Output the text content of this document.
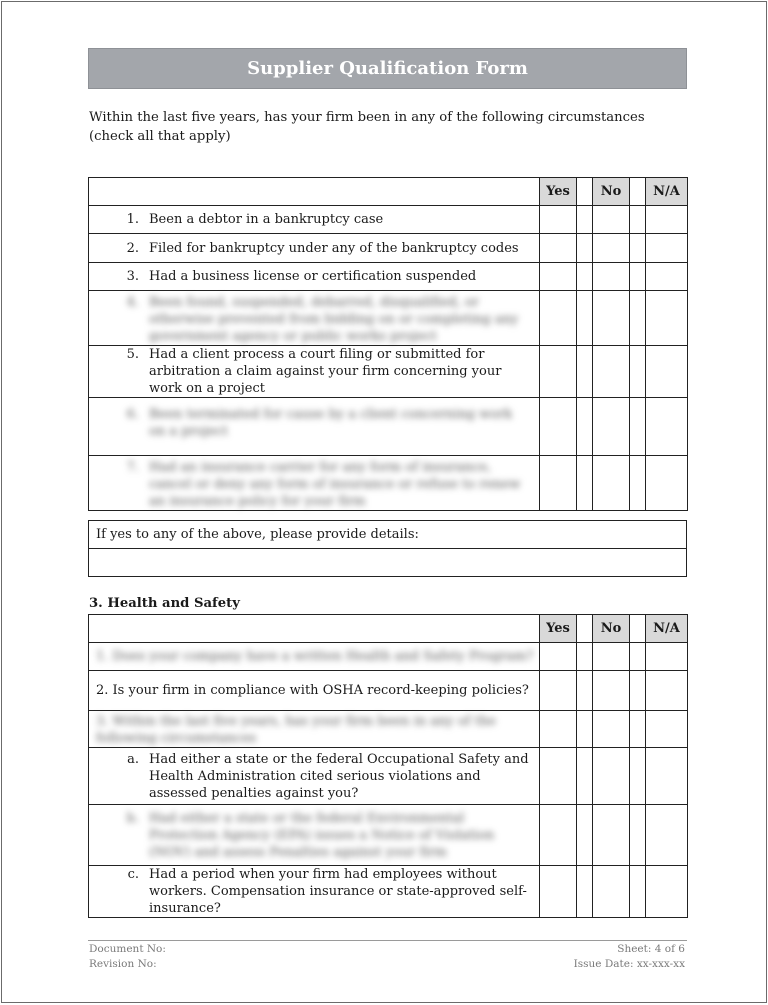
Supplier Qualification Form
Within the last five years, has your firm been in any of the following circumstances (check all that apply)
	Yes		No		N/A

1. Been a debtor in a bankruptcy case					

2. Filed for bankruptcy under any of the bankruptcy codes					

3. Had a business license or certification suspended					

4. Been found, suspended, debarred, disqualified, or otherwise prevented from bidding on or completing any government agency or public works project					

5. Had a client process a court filing or submitted for arbitration a claim against your firm concerning your work on a project					

6. Been terminated for cause by a client concerning work on a project					

7. Had an insurance carrier for any form of insurance, cancel or deny any form of insurance or refuse to renew an insurance policy for your firm					

If yes to any of the above, please provide details:

3. Health and Safety
	Yes		No		N/A

1. Does your company have a written Health and Safety Program?					

2. Is your firm in compliance with OSHA record-keeping policies?					

3. Within the last five years, has your firm been in any of the following circumstances					

a. Had either a state or the federal Occupational Safety and Health Administration cited serious violations and assessed penalties against you?					

b. Had either a state or the federal Environmental Protection Agency (EPA) issues a Notice of Violation (NOV) and assess Penalties against your firm					

c. Had a period when your firm had employees without workers. Compensation insurance or state-approved self-insurance?					

Document No:
Revision No:
Sheet: 4 of 6
Issue Date: xx-xxx-xx
